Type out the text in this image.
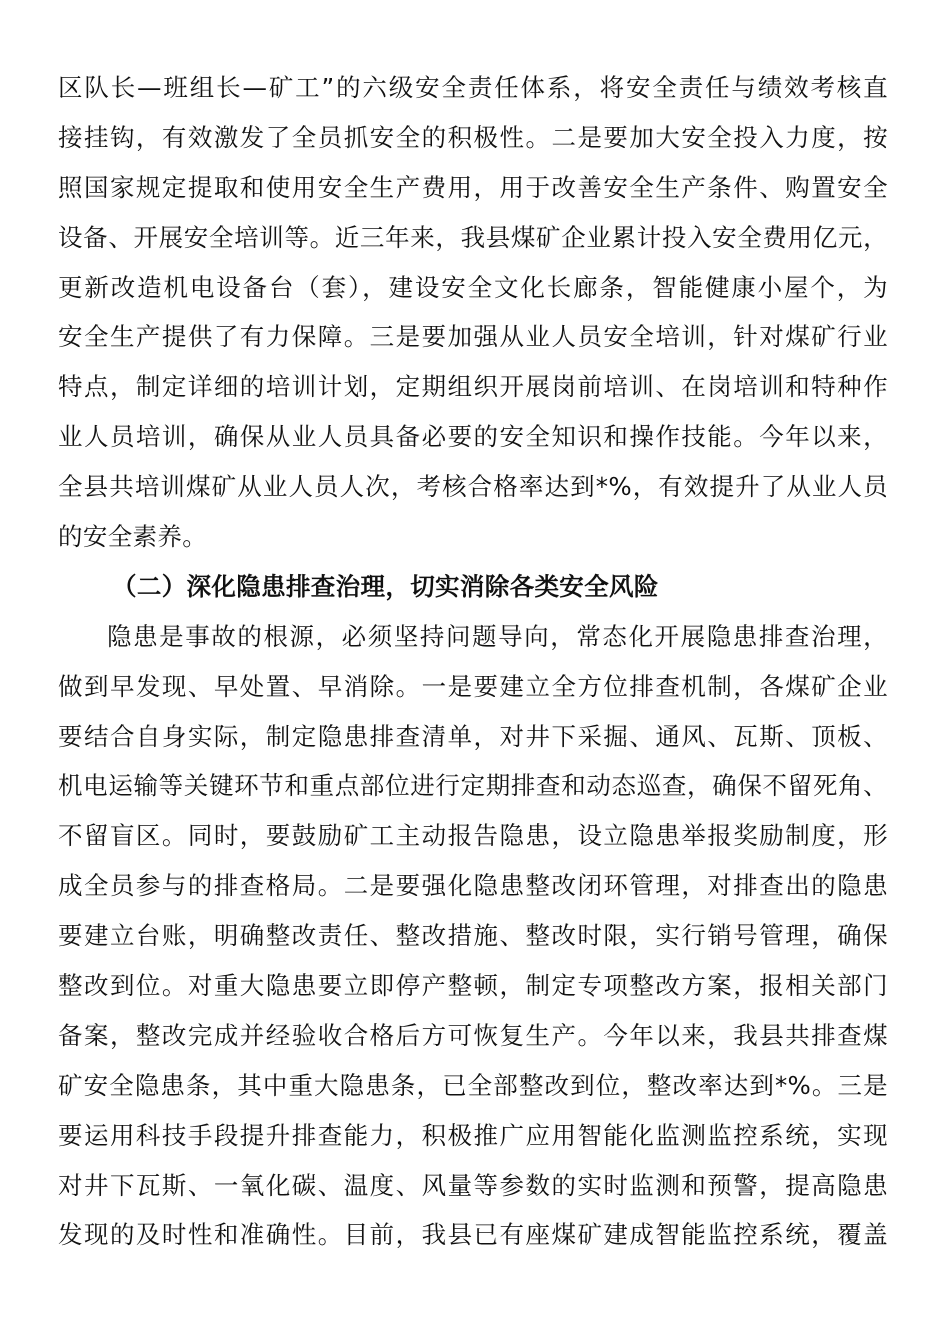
区队长—班组长—矿工”的六级安全责任体系，将安全责任与绩效考核直
接挂钩，有效激发了全员抓安全的积极性。二是要加大安全投入力度，按
照国家规定提取和使用安全生产费用，用于改善安全生产条件、购置安全
设备、开展安全培训等。近三年来，我县煤矿企业累计投入安全费用亿元，
更新改造机电设备台（套），建设安全文化长廊条，智能健康小屋个，为
安全生产提供了有力保障。三是要加强从业人员安全培训，针对煤矿行业
特点，制定详细的培训计划，定期组织开展岗前培训、在岗培训和特种作
业人员培训，确保从业人员具备必要的安全知识和操作技能。今年以来，
全县共培训煤矿从业人员人次，考核合格率达到*%，有效提升了从业人员
的安全素养。
（二）深化隐患排查治理，切实消除各类安全风险
隐患是事故的根源，必须坚持问题导向，常态化开展隐患排查治理，
做到早发现、早处置、早消除。一是要建立全方位排查机制，各煤矿企业
要结合自身实际，制定隐患排查清单，对井下采掘、通风、瓦斯、顶板、
机电运输等关键环节和重点部位进行定期排查和动态巡查，确保不留死角、
不留盲区。同时，要鼓励矿工主动报告隐患，设立隐患举报奖励制度，形
成全员参与的排查格局。二是要强化隐患整改闭环管理，对排查出的隐患
要建立台账，明确整改责任、整改措施、整改时限，实行销号管理，确保
整改到位。对重大隐患要立即停产整顿，制定专项整改方案，报相关部门
备案，整改完成并经验收合格后方可恢复生产。今年以来，我县共排查煤
矿安全隐患条，其中重大隐患条，已全部整改到位，整改率达到*%。三是
要运用科技手段提升排查能力，积极推广应用智能化监测监控系统，实现
对井下瓦斯、一氧化碳、温度、风量等参数的实时监测和预警，提高隐患
发现的及时性和准确性。目前，我县已有座煤矿建成智能监控系统，覆盖
